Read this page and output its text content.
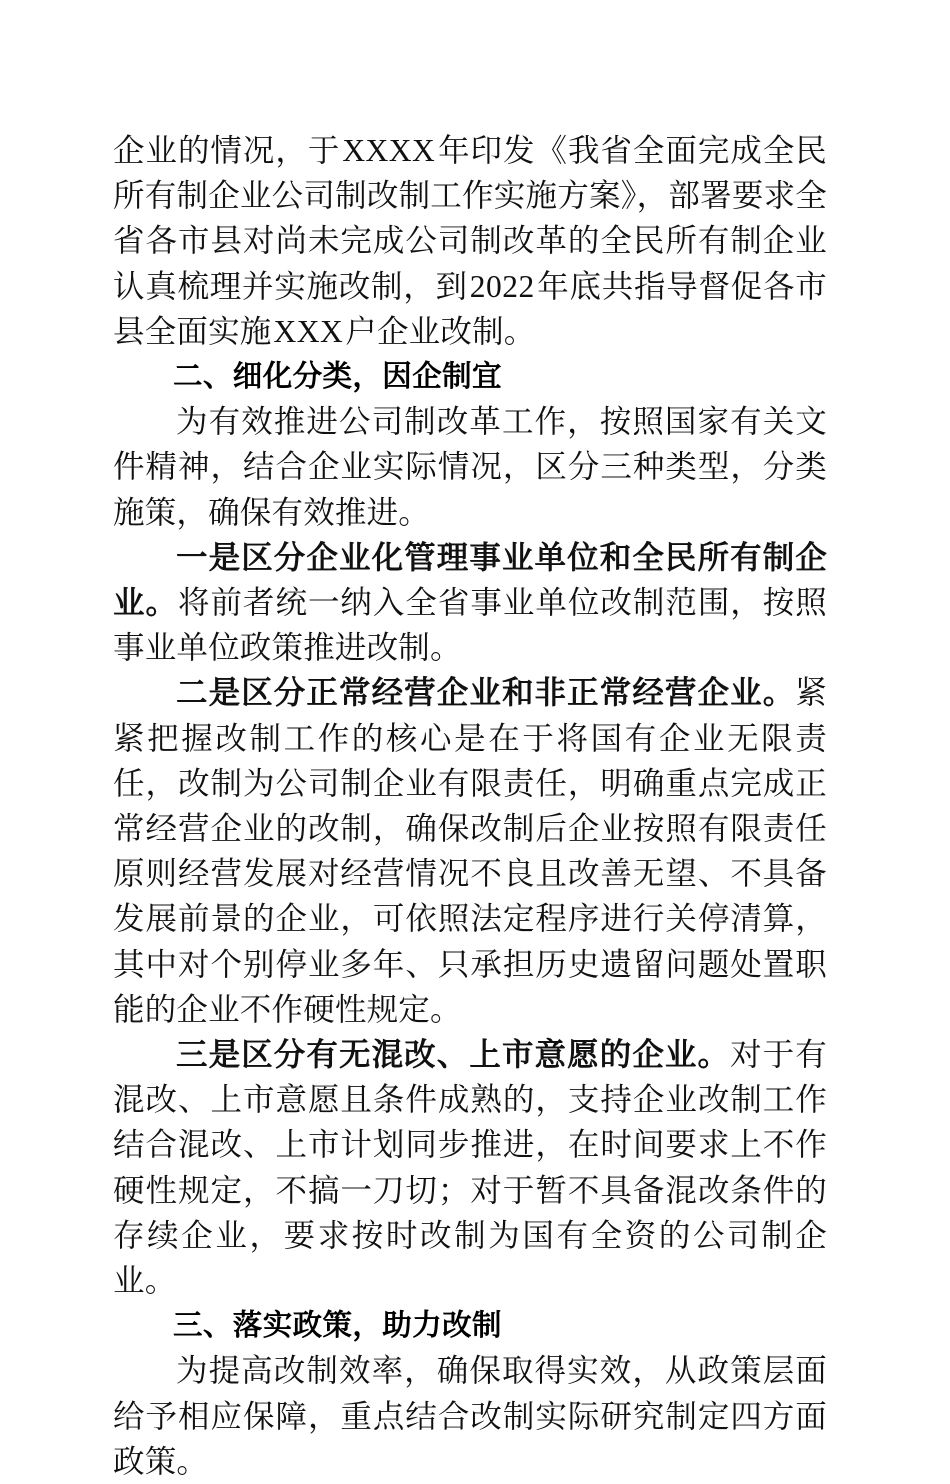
企业的情况，于XXXX年印发《我省全面完成全民所有制企业公司制改制工作实施方案》，部署要求全省各市县对尚未完成公司制改革的全民所有制企业认真梳理并实施改制，到2022年底共指导督促各市县全面实施XXX户企业改制。

二、细化分类，因企制宜

为有效推进公司制改革工作，按照国家有关文件精神，结合企业实际情况，区分三种类型，分类施策，确保有效推进。

一是区分企业化管理事业单位和全民所有制企业。将前者统一纳入全省事业单位改制范围，按照事业单位政策推进改制。

二是区分正常经营企业和非正常经营企业。紧紧把握改制工作的核心是在于将国有企业无限责任，改制为公司制企业有限责任，明确重点完成正常经营企业的改制，确保改制后企业按照有限责任原则经营发展对经营情况不良且改善无望、不具备发展前景的企业，可依照法定程序进行关停清算，其中对个别停业多年、只承担历史遗留问题处置职能的企业不作硬性规定。

三是区分有无混改、上市意愿的企业。对于有混改、上市意愿且条件成熟的，支持企业改制工作结合混改、上市计划同步推进，在时间要求上不作硬性规定，不搞一刀切；对于暂不具备混改条件的存续企业，要求按时改制为国有全资的公司制企业。

三、落实政策，助力改制

为提高改制效率，确保取得实效，从政策层面给予相应保障，重点结合改制实际研究制定四方面政策。
